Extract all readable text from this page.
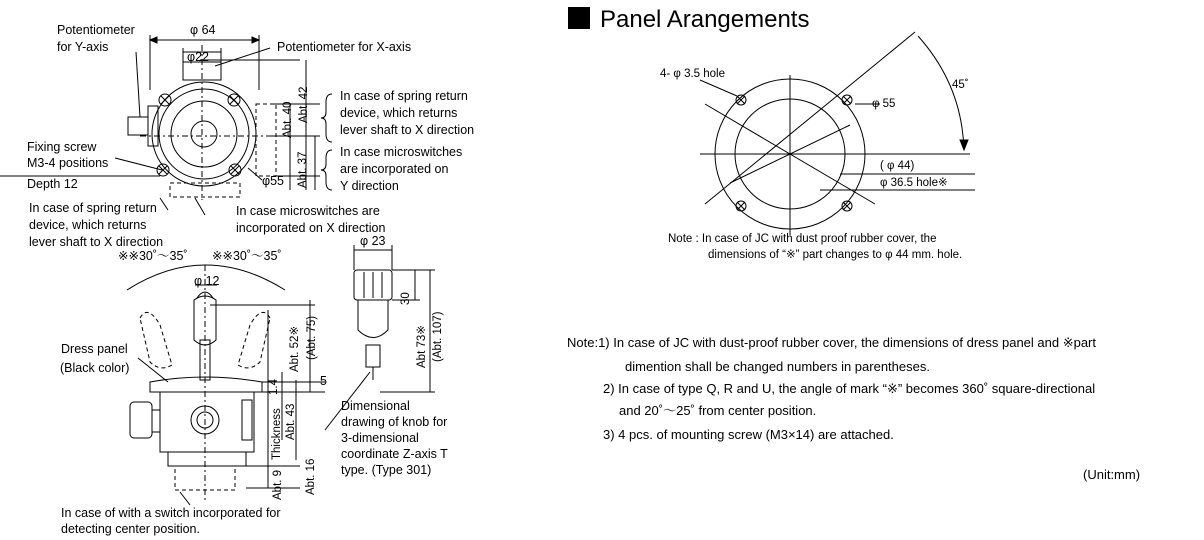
φ 64
φ22
Potentiometer
for Y-axis	Potentiometer for X-axis
Fixing screw
M3-4 positions
Depth 12	φ55
Abt. 42
Abt. 40
Abt. 37
In case of spring return
device, which returns
lever shaft to X direction
In case microswitches
are incorporated on
Y direction
In case of spring return
device, which returns
lever shaft to X direction
In case microswitches are
incorporated on X direction
※※30˚～35˚ ※※30˚～35˚
φ 12
Dress panel
(Black color)	Abt. 52※ (Abt. 75)
1.4	5
Thickness Abt. 43
Abt. 9 Abt. 16
In case of with a switch incorporated for
detecting center position.
φ 23
30
Abt 73※ (Abt. 107)
Dimensional
drawing of knob for
3-dimensional
coordinate Z-axis T
type. (Type 301)
Panel Arangements
4- φ 3.5 hole
φ 55
45˚
( φ 44)
φ 36.5 hole※
Note : In case of JC with dust proof rubber cover, the
dimensions of “※” part changes to φ 44 mm. hole.
Note:1) In case of JC with dust-proof rubber cover, the dimensions of dress panel and ※part
dimention shall be changed numbers in parentheses.
2) In case of type Q, R and U, the angle of mark “※” becomes 360˚ square-directional
and 20˚～25˚ from center position.
3) 4 pcs. of mounting screw (M3×14) are attached.
(Unit:mm)
